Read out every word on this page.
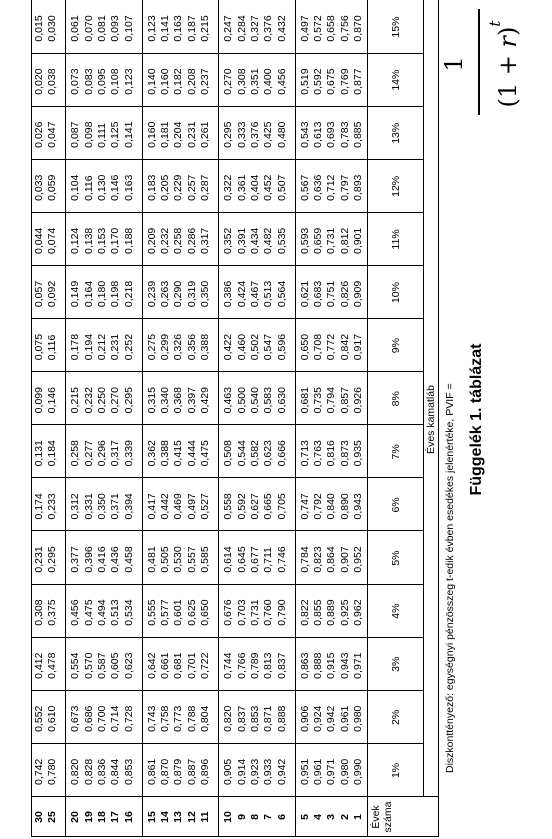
Függelék 1. táblázat
Diszkonttényező: egységnyi pénzösszeg t-edik évben esedékes jelenértéke, PVIF =
1	$(1 + r)^t$
Éves kamatláb
Évek száma
1%
2%
3%
4%
5%
6%
7%
8%
9%
10%
11%
12%
13%
14%
15%
1
0,990
0,980
0,971
0,962
0,952
0,943
0,935
0,926
0,917
0,909
0,901
0,893
0,885
0,877
0,870
2
0,980
0,961
0,943
0,925
0,907
0,890
0,873
0,857
0,842
0,826
0,812
0,797
0,783
0,769
0,756
3
0,971
0,942
0,915
0,889
0,864
0,840
0,816
0,794
0,772
0,751
0,731
0,712
0,693
0,675
0,658
4
0,961
0,924
0,888
0,855
0,823
0,792
0,763
0,735
0,708
0,683
0,659
0,636
0,613
0,592
0,572
5
0,951
0,906
0,863
0,822
0,784
0,747
0,713
0,681
0,650
0,621
0,593
0,567
0,543
0,519
0,497
6
0,942
0,888
0,837
0,790
0,746
0,705
0,666
0,630
0,596
0,564
0,535
0,507
0,480
0,456
0,432
7
0,933
0,871
0,813
0,760
0,711
0,665
0,623
0,583
0,547
0,513
0,482
0,452
0,425
0,400
0,376
8
0,923
0,853
0,789
0,731
0,677
0,627
0,582
0,540
0,502
0,467
0,434
0,404
0,376
0,351
0,327
9
0,914
0,837
0,766
0,703
0,645
0,592
0,544
0,500
0,460
0,424
0,391
0,361
0,333
0,308
0,284
10
0,905
0,820
0,744
0,676
0,614
0,558
0,508
0,463
0,422
0,386
0,352
0,322
0,295
0,270
0,247
11
0,896
0,804
0,722
0,650
0,585
0,527
0,475
0,429
0,388
0,350
0,317
0,287
0,261
0,237
0,215
12
0,887
0,788
0,701
0,625
0,557
0,497
0,444
0,397
0,356
0,319
0,286
0,257
0,231
0,208
0,187
13
0,879
0,773
0,681
0,601
0,530
0,469
0,415
0,368
0,326
0,290
0,258
0,229
0,204
0,182
0,163
14
0,870
0,758
0,661
0,577
0,505
0,442
0,388
0,340
0,299
0,263
0,232
0,205
0,181
0,160
0,141
15
0,861
0,743
0,642
0,555
0,481
0,417
0,362
0,315
0,275
0,239
0,209
0,183
0,160
0,140
0,123
16
0,853
0,728
0,623
0,534
0,458
0,394
0,339
0,295
0,252
0,218
0,188
0,163
0,141
0,123
0,107
17
0,844
0,714
0,605
0,513
0,436
0,371
0,317
0,270
0,231
0,198
0,170
0,146
0,125
0,108
0,093
18
0,836
0,700
0,587
0,494
0,416
0,350
0,296
0,250
0,212
0,180
0,153
0,130
0,111
0,095
0,081
19
0,828
0,686
0,570
0,475
0,396
0,331
0,277
0,232
0,194
0,164
0,138
0,116
0,098
0,083
0,070
20
0,820
0,673
0,554
0,456
0,377
0,312
0,258
0,215
0,178
0,149
0,124
0,104
0,087
0,073
0,061
25
0,780
0,610
0,478
0,375
0,295
0,233
0,184
0,146
0,116
0,092
0,074
0,059
0,047
0,038
0,030
30
0,742
0,552
0,412
0,308
0,231
0,174
0,131
0,099
0,075
0,057
0,044
0,033
0,026
0,020
0,015
